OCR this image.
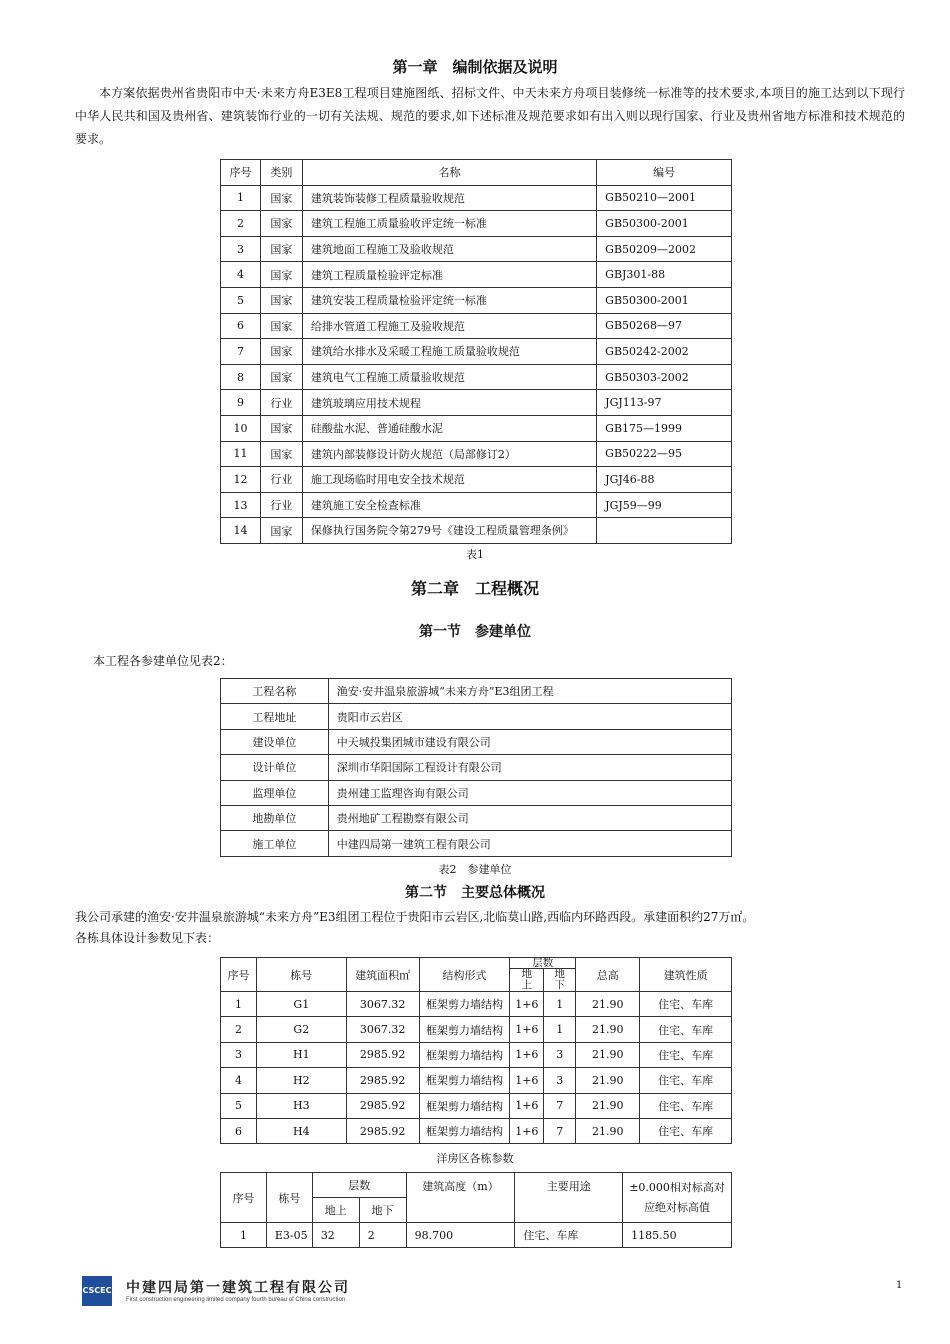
第一章　编制依据及说明

本方案依据贵州省贵阳市中天·未来方舟E3E8工程项目建施图纸、招标文件、中天未来方舟项目装修统一标准等的技术要求,本项目的施工达到以下现行中华人民共和国及贵州省、建筑装饰行业的一切有关法规、规范的要求,如下述标准及规范要求如有出入则以现行国家、行业及贵州省地方标准和技术规范的要求。

序号	类别	名称	编号
1	国家	建筑装饰装修工程质量验收规范	GB50210—2001
2	国家	建筑工程施工质量验收评定统一标准	GB50300-2001
3	国家	建筑地面工程施工及验收规范	GB50209—2002
4	国家	建筑工程质量检验评定标准	GBJ301-88
5	国家	建筑安装工程质量检验评定统一标准	GB50300-2001
6	国家	给排水管道工程施工及验收规范	GB50268—97
7	国家	建筑给水排水及采暖工程施工质量验收规范	GB50242-2002
8	国家	建筑电气工程施工质量验收规范	GB50303-2002
9	行业	建筑玻璃应用技术规程	JGJ113-97
10	国家	硅酸盐水泥、普通硅酸水泥	GB175—1999
11	国家	建筑内部装修设计防火规范（局部修订2）	GB50222—95
12	行业	施工现场临时用电安全技术规范	JGJ46-88
13	行业	建筑施工安全检查标准	JGJ59—99
14	国家	保修执行国务院令第279号《建设工程质量管理条例》	
表1
第二章　工程概况
第一节　参建单位

本工程各参建单位见表2：

工程名称	渔安·安井温泉旅游城“未来方舟”E3组团工程
工程地址	贵阳市云岩区
建设单位	中天城投集团城市建设有限公司
设计单位	深圳市华阳国际工程设计有限公司
监理单位	贵州建工监理咨询有限公司
地勘单位	贵州地矿工程勘察有限公司
施工单位	中建四局第一建筑工程有限公司
表2　参建单位
第二节　主要总体概况
我公司承建的渔安·安井温泉旅游城“未来方舟”E3组团工程位于贵阳市云岩区,北临莫山路,西临内环路西段。承建面积约27万㎡。
各栋具体设计参数见下表：
序号	栋号	建筑面积㎡	结构形式	层数		总高	建筑性质
				地上	地下		
1	G1	3067.32	框架剪力墙结构	1+6	1	21.90	住宅、车库
2	G2	3067.32	框架剪力墙结构	1+6	1	21.90	住宅、车库
3	H1	2985.92	框架剪力墙结构	1+6	3	21.90	住宅、车库
4	H2	2985.92	框架剪力墙结构	1+6	3	21.90	住宅、车库
5	H3	2985.92	框架剪力墙结构	1+6	7	21.90	住宅、车库
6	H4	2985.92	框架剪力墙结构	1+6	7	21.90	住宅、车库
洋房区各栋参数
序号	栋号	层数		建筑高度（m）	主要用途	±0.000相对标高对应绝对标高值
		地上	地下			
1	E3-05	32	2	98.700	住宅、车库	1185.50
CSCEC 中建四局第一建筑工程有限公司
First construction engineering limited company fourth bureau of China construction
1
